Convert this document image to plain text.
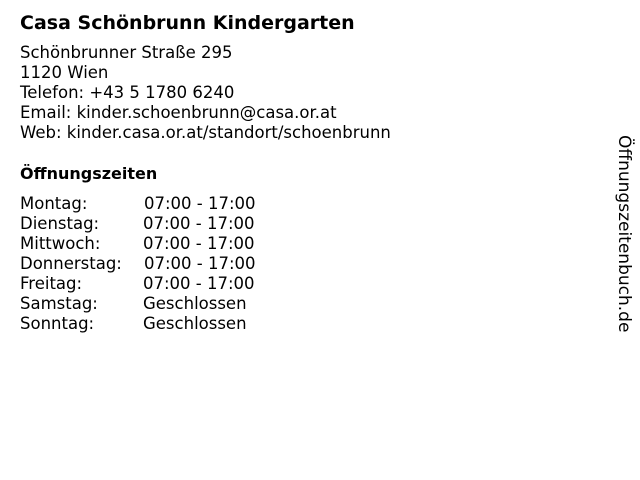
Casa Schönbrunn Kindergarten
Schönbrunner Straße 295
1120 Wien
Telefon: +43 5 1780 6240
Email: kinder.schoenbrunn@casa.or.at
Web: kinder.casa.or.at/standort/schoenbrunn
Öffnungszeiten
Montag:	07:00 - 17:00
Dienstag:	07:00 - 17:00
Mittwoch:	07:00 - 17:00
Donnerstag: 07:00 - 17:00
Freitag:	07:00 - 17:00
Samstag:	Geschlossen
Sonntag:	Geschlossen	Öffnungszeitenbuch.de
